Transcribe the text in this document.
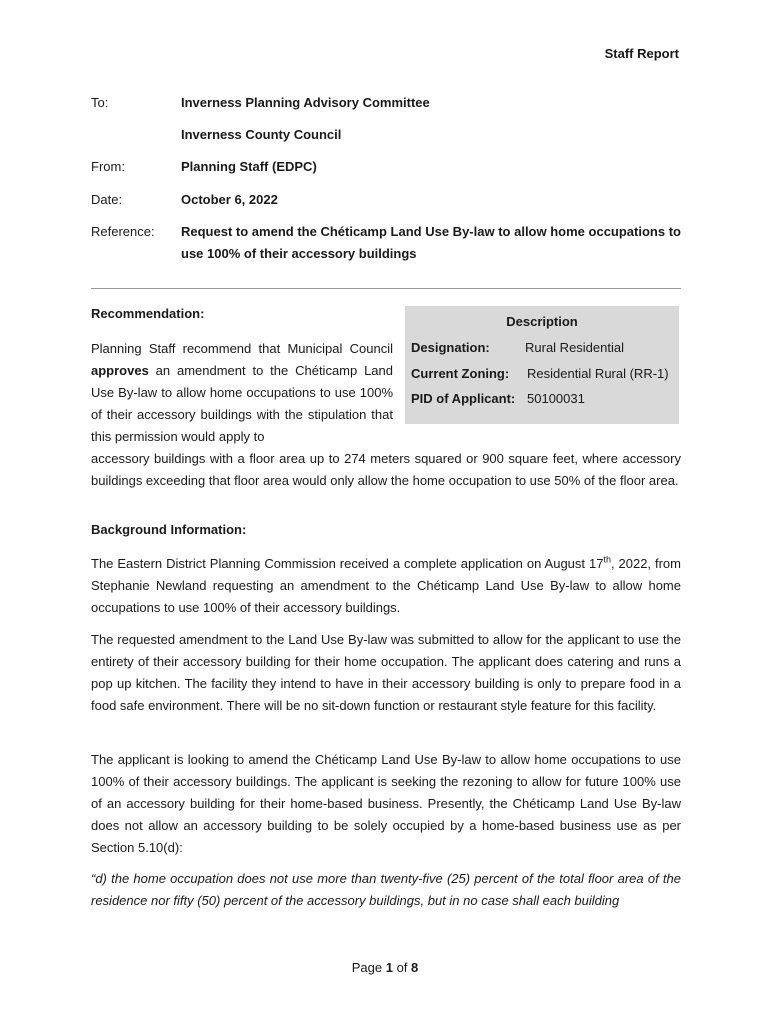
Staff Report
To:	Inverness Planning Advisory Committee
Inverness County Council
From:	Planning Staff (EDPC)
Date:	October 6, 2022
Reference: Request to amend the Chéticamp Land Use By-law to allow home occupations to use 100% of their accessory buildings
Recommendation:
Description
Designation:	Rural Residential
Current Zoning: Residential Rural (RR-1)
PID of Applicant: 50100031
Planning Staff recommend that Municipal Council approves an amendment to the Chéticamp Land Use By-law to allow home occupations to use 100% of their accessory buildings with the stipulation that this permission would apply to
accessory buildings with a floor area up to 274 meters squared or 900 square feet, where accessory buildings exceeding that floor area would only allow the home occupation to use 50% of the floor area.
Background Information:
The Eastern District Planning Commission received a complete application on August 17th, 2022, from Stephanie Newland requesting an amendment to the Chéticamp Land Use By-law to allow home occupations to use 100% of their accessory buildings.
The requested amendment to the Land Use By-law was submitted to allow for the applicant to use the entirety of their accessory building for their home occupation. The applicant does catering and runs a pop up kitchen. The facility they intend to have in their accessory building is only to prepare food in a food safe environment. There will be no sit-down function or restaurant style feature for this facility.
The applicant is looking to amend the Chéticamp Land Use By-law to allow home occupations to use 100% of their accessory buildings. The applicant is seeking the rezoning to allow for future 100% use of an accessory building for their home-based business. Presently, the Chéticamp Land Use By-law does not allow an accessory building to be solely occupied by a home-based business use as per Section 5.10(d):
“d) the home occupation does not use more than twenty-five (25) percent of the total floor area of the residence nor fifty (50) percent of the accessory buildings, but in no case shall each building
Page 1 of 8
